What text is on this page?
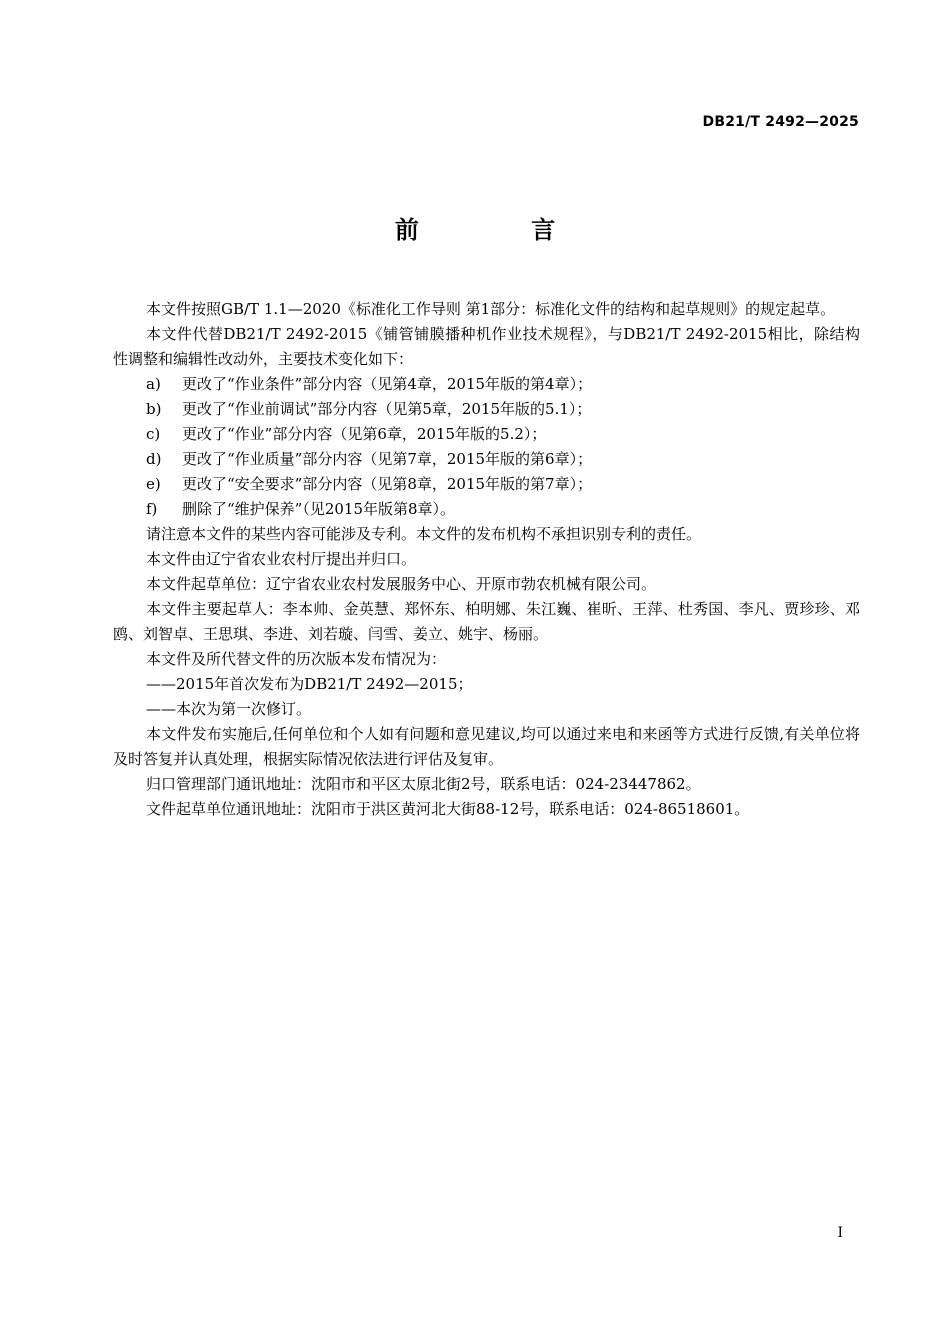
DB21/T 2492—2025
前 言

本文件按照GB/T 1.1—2020《标准化工作导则 第1部分：标准化文件的结构和起草规则》的规定起草。

本文件代替DB21/T 2492-2015《铺管铺膜播种机作业技术规程》，与DB21/T 2492-2015相比，除结构性调整和编辑性改动外，主要技术变化如下：

a) 更改了“作业条件”部分内容（见第4章，2015年版的第4章）；

b) 更改了“作业前调试”部分内容（见第5章，2015年版的5.1）；

c) 更改了“作业”部分内容（见第6章，2015年版的5.2）；

d) 更改了“作业质量”部分内容（见第7章，2015年版的第6章）；

e) 更改了“安全要求”部分内容（见第8章，2015年版的第7章）；

f) 删除了“维护保养”（见2015年版第8章）。

请注意本文件的某些内容可能涉及专利。本文件的发布机构不承担识别专利的责任。

本文件由辽宁省农业农村厅提出并归口。

本文件起草单位：辽宁省农业农村发展服务中心、开原市勃农机械有限公司。

本文件主要起草人：李本帅、金英慧、郑怀东、柏明娜、朱江巍、崔昕、王萍、杜秀国、李凡、贾珍珍、邓鸥、刘智卓、王思琪、李进、刘若璇、闫雪、姜立、姚宇、杨丽。

本文件及所代替文件的历次版本发布情况为：

——2015年首次发布为DB21/T 2492—2015；

——本次为第一次修订。

本文件发布实施后,任何单位和个人如有问题和意见建议,均可以通过来电和来函等方式进行反馈,有关单位将及时答复并认真处理，根据实际情况依法进行评估及复审。

归口管理部门通讯地址：沈阳市和平区太原北街2号，联系电话：024-23447862。

文件起草单位通讯地址：沈阳市于洪区黄河北大街88-12号，联系电话：024-86518601。

I
